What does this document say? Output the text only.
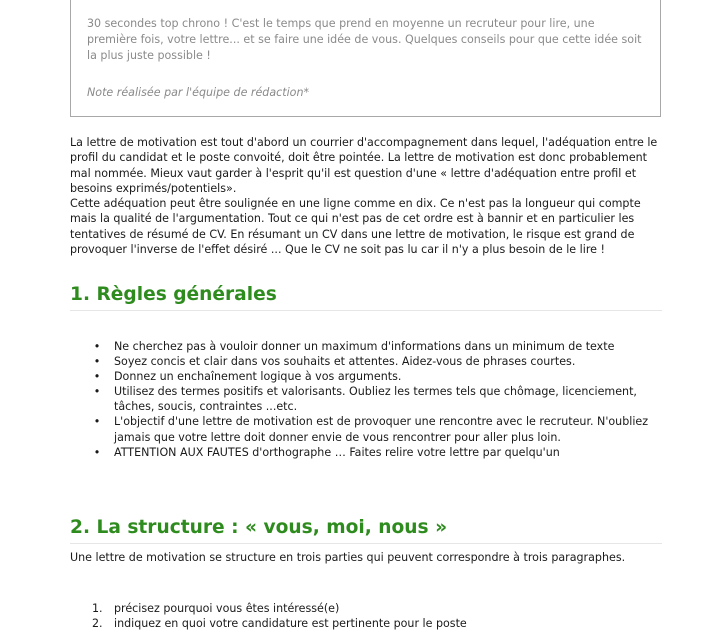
30 secondes top chrono ! C'est le temps que prend en moyenne un recruteur pour lire, une première fois, votre lettre... et se faire une idée de vous. Quelques conseils pour que cette idée soit la plus juste possible !
Note réalisée par l'équipe de rédaction*

La lettre de motivation est tout d'abord un courrier d'accompagnement dans lequel, l'adéquation entre le profil du candidat et le poste convoité, doit être pointée. La lettre de motivation est donc probablement mal nommée. Mieux vaut garder à l'esprit qu'il est question d'une « lettre d'adéquation entre profil et besoins exprimés/potentiels».

Cette adéquation peut être soulignée en une ligne comme en dix. Ce n'est pas la longueur qui compte mais la qualité de l'argumentation. Tout ce qui n'est pas de cet ordre est à bannir et en particulier les tentatives de résumé de CV. En résumant un CV dans une lettre de motivation, le risque est grand de provoquer l'inverse de l'effet désiré ... Que le CV ne soit pas lu car il n'y a plus besoin de le lire !

1. Règles générales
• Ne cherchez pas à vouloir donner un maximum d'informations dans un minimum de texte
• Soyez concis et clair dans vos souhaits et attentes. Aidez-vous de phrases courtes.
• Donnez un enchaînement logique à vos arguments.
• Utilisez des termes positifs et valorisants. Oubliez les termes tels que chômage, licenciement, tâches, soucis, contraintes ...etc.
• L'objectif d'une lettre de motivation est de provoquer une rencontre avec le recruteur. N'oubliez jamais que votre lettre doit donner envie de vous rencontrer pour aller plus loin.
• ATTENTION AUX FAUTES d'orthographe … Faites relire votre lettre par quelqu'un
2. La structure : « vous, moi, nous »
Une lettre de motivation se structure en trois parties qui peuvent correspondre à trois paragraphes.
1. précisez pourquoi vous êtes intéressé(e)
2. indiquez en quoi votre candidature est pertinente pour le poste
